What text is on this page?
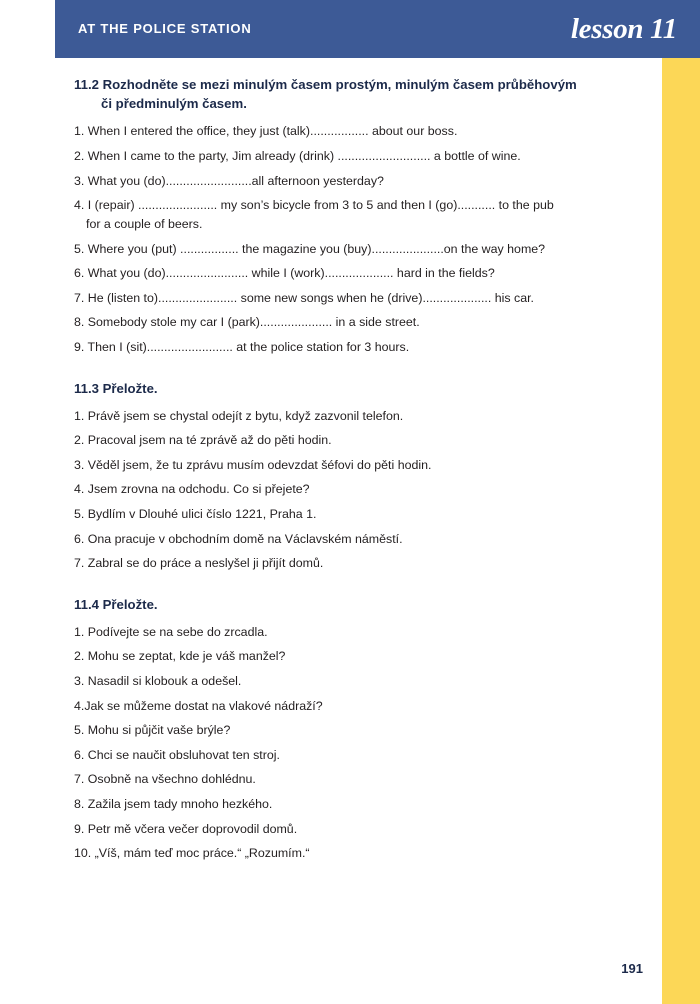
AT THE POLICE STATION	lesson 11
11.2 Rozhodněte se mezi minulým časem prostým, minulým časem průběhovým
či předminulým časem.

1. When I entered the office, they just (talk)................. about our boss.

2. When I came to the party, Jim already (drink) ........................... a bottle of wine.

3. What you (do).........................all afternoon yesterday?

4. I (repair) ....................... my son’s bicycle from 3 to 5 and then I (go)........... to the pub
for a couple of beers.

5. Where you (put) ................. the magazine you (buy).....................on the way home?

6. What you (do)........................ while I (work).................... hard in the fields?

7. He (listen to)....................... some new songs when he (drive).................... his car.

8. Somebody stole my car I (park)..................... in a side street.

9. Then I (sit)......................... at the police station for 3 hours.

11.3 Přeložte.

1. Právě jsem se chystal odejít z bytu, když zazvonil telefon.

2. Pracoval jsem na té zprávě až do pěti hodin.

3. Věděl jsem, že tu zprávu musím odevzdat šéfovi do pěti hodin.

4. Jsem zrovna na odchodu. Co si přejete?

5. Bydlím v Dlouhé ulici číslo 1221, Praha 1.

6. Ona pracuje v obchodním domě na Václavském náměstí.

7. Zabral se do práce a neslyšel ji přijít domů.

11.4 Přeložte.

1. Podívejte se na sebe do zrcadla.

2. Mohu se zeptat, kde je váš manžel?

3. Nasadil si klobouk a odešel.

4.Jak se můžeme dostat na vlakové nádraží?

5. Mohu si půjčit vaše brýle?

6. Chci se naučit obsluhovat ten stroj.

7. Osobně na všechno dohlédnu.

8. Zažila jsem tady mnoho hezkého.

9. Petr mě včera večer doprovodil domů.

10. „Víš, mám teď moc práce.“ „Rozumím.“

191
